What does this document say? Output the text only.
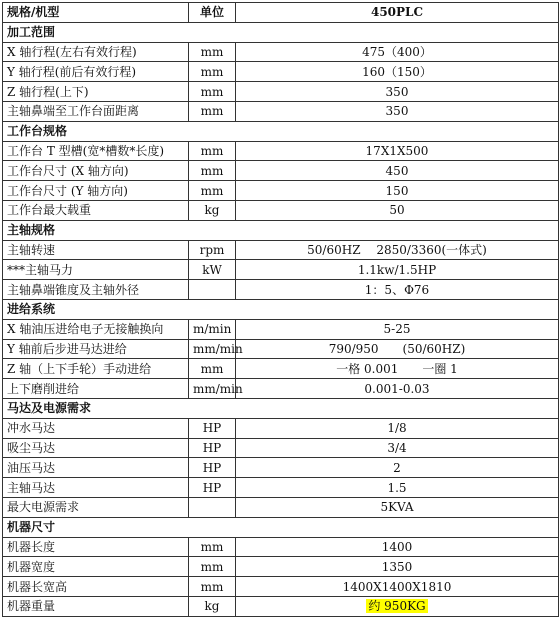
规格/机型	单位	450PLC
加工范围		
X 轴行程(左右有效行程)	mm	475（400）
Y 轴行程(前后有效行程)	mm	160（150）
Z 轴行程(上下)	mm	350
主轴鼻端至工作台面距离	mm	350
工作台规格		
工作台 T 型槽(宽*槽数*长度)	mm	17X1X500
工作台尺寸 (X 轴方向)	mm	450
工作台尺寸 (Y 轴方向)	mm	150
工作台最大载重	kg	50
主轴规格		
主轴转速	rpm	50/60HZ　 2850/3360(一体式)
***主轴马力	kW	1.1kw/1.5HP
主轴鼻端锥度及主轴外径		1：5、Φ76
进给系统		
X 轴油压进给电子无接触换向	m/min	5-25
Y 轴前后步进马达进给	mm/min	790/950　　(50/60HZ)
Z 轴（上下手轮）手动进给	mm	一格 0.001　　一圈 1
上下磨削进给	mm/min	0.001-0.03
马达及电源需求		
冲水马达	HP	1/8
吸尘马达	HP	3/4
油压马达	HP	2
主轴马达	HP	1.5
最大电源需求		5KVA
机器尺寸		
机器长度	mm	1400
机器宽度	mm	1350
机器长宽高	mm	1400X1400X1810
机器重量	kg	约 950KG
